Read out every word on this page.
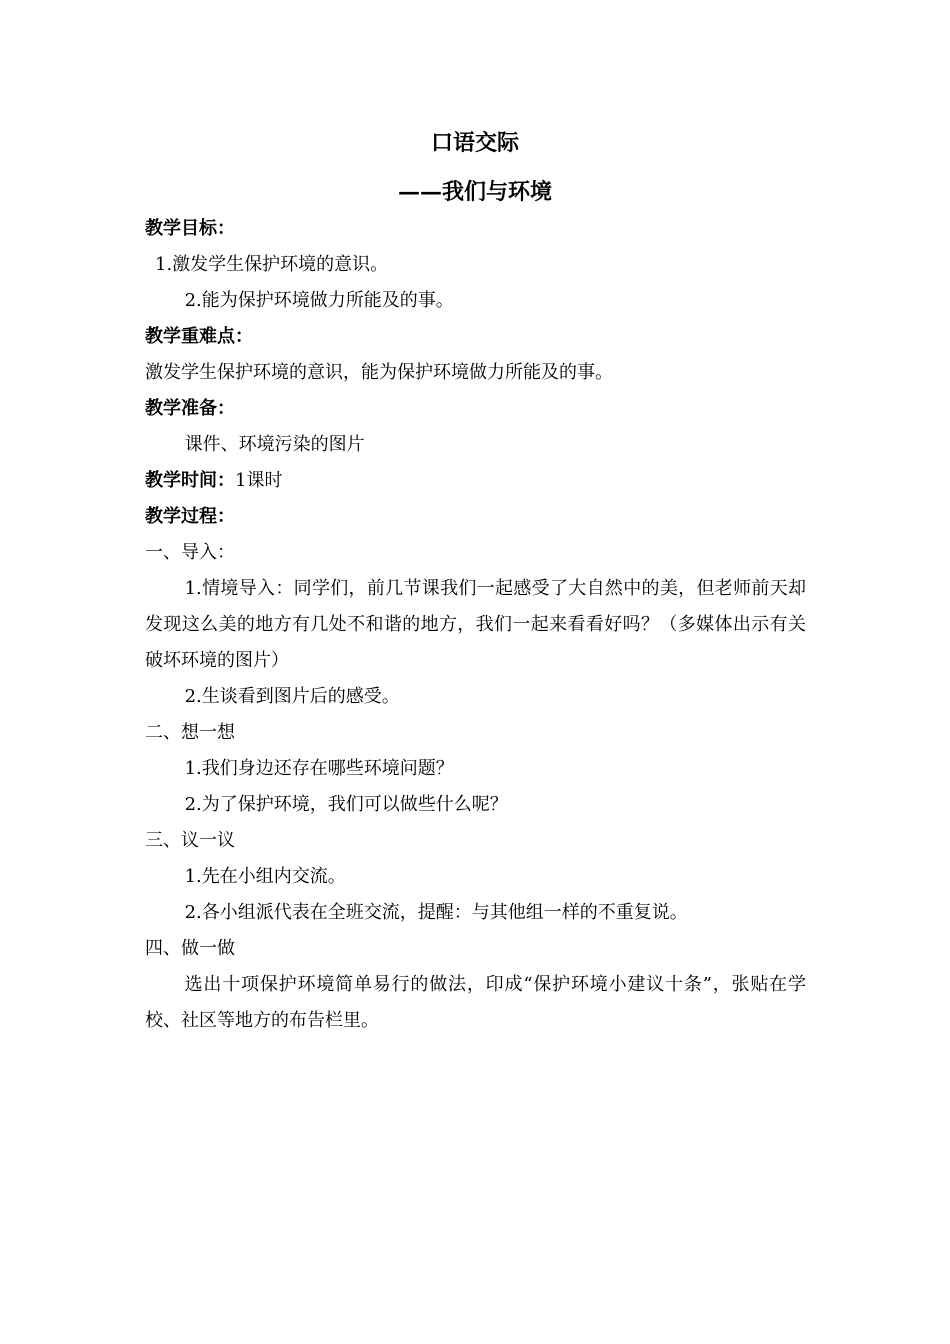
口语交际
——我们与环境

教学目标：

1.激发学生保护环境的意识。

2.能为保护环境做力所能及的事。

教学重难点：

激发学生保护环境的意识，能为保护环境做力所能及的事。

教学准备：

课件、环境污染的图片

教学时间：1课时

教学过程：

一、导入：

1.情境导入：同学们，前几节课我们一起感受了大自然中的美，但老师前天却发现这么美的地方有几处不和谐的地方，我们一起来看看好吗？（多媒体出示有关破坏环境的图片）

2.生谈看到图片后的感受。

二、想一想

1.我们身边还存在哪些环境问题？

2.为了保护环境，我们可以做些什么呢？

三、议一议

1.先在小组内交流。

2.各小组派代表在全班交流，提醒：与其他组一样的不重复说。

四、做一做

选出十项保护环境简单易行的做法，印成“保护环境小建议十条”，张贴在学校、社区等地方的布告栏里。
